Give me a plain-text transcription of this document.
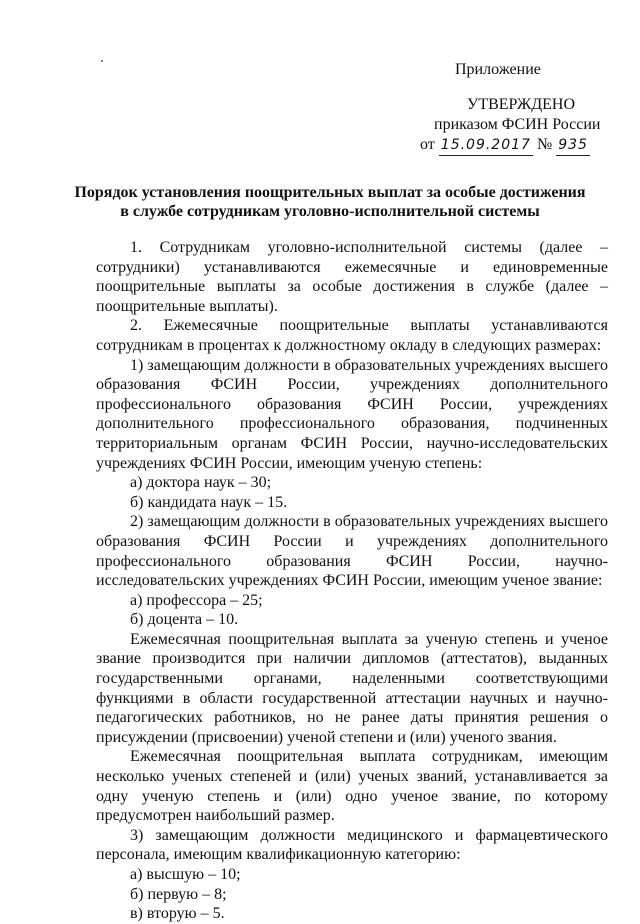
Приложение
УТВЕРЖДЕНО
приказом ФСИН России
от 15.09.2017 № 935
Порядок установления поощрительных выплат за особые достижения
в службе сотрудникам уголовно-исполнительной системы

1. Сотрудникам уголовно-исполнительной системы (далее – сотрудники) устанавливаются ежемесячные и единовременные поощрительные выплаты за особые достижения в службе (далее – поощрительные выплаты).

2. Ежемесячные поощрительные выплаты устанавливаются сотрудникам в процентах к должностному окладу в следующих размерах:

1) замещающим должности в образовательных учреждениях высшего образования ФСИН России, учреждениях дополнительного профессионального образования ФСИН России, учреждениях дополнительного профессионального образования, подчиненных территориальным органам ФСИН России, научно-исследовательских учреждениях ФСИН России, имеющим ученую степень:

а) доктора наук – 30;

б) кандидата наук – 15.

2) замещающим должности в образовательных учреждениях высшего образования ФСИН России и учреждениях дополнительного профессионального образования ФСИН России, научно-исследовательских учреждениях ФСИН России, имеющим ученое звание:

а) профессора – 25;

б) доцента – 10.

Ежемесячная поощрительная выплата за ученую степень и ученое звание производится при наличии дипломов (аттестатов), выданных государственными органами, наделенными соответствующими функциями в области государственной аттестации научных и научно-педагогических работников, но не ранее даты принятия решения о присуждении (присвоении) ученой степени и (или) ученого звания.

Ежемесячная поощрительная выплата сотрудникам, имеющим несколько ученых степеней и (или) ученых званий, устанавливается за одну ученую степень и (или) одно ученое звание, по которому предусмотрен наибольший размер.

3) замещающим должности медицинского и фармацевтического персонала, имеющим квалификационную категорию:

а) высшую – 10;

б) первую – 8;

в) вторую – 5.
